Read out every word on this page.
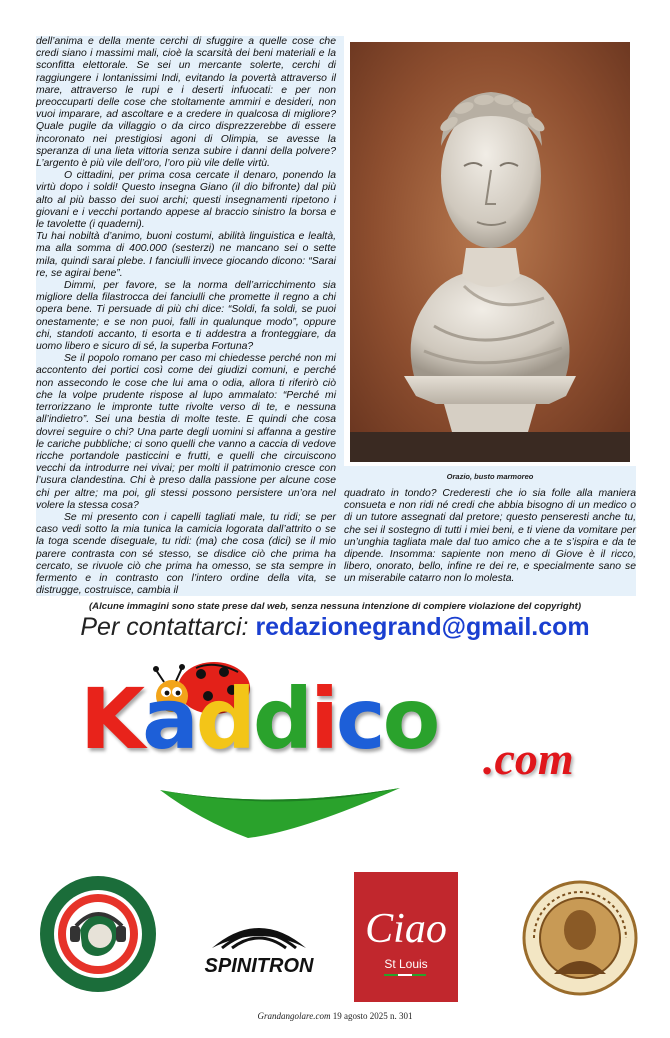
dell’anima e della mente cerchi di sfuggire a quelle cose che credi siano i massimi mali, cioè la scarsità dei beni materiali e la sconfitta elettorale. Se sei un mercante solerte, cerchi di raggiungere i lontanissimi Indi, evitando la povertà attraverso il mare, attraverso le rupi e i deserti infuocati: e per non preoccuparti delle cose che stoltamente ammiri e desideri, non vuoi imparare, ad ascoltare e a credere in qualcosa di migliore? Quale pugile da villaggio o da circo disprezzerebbe di essere incoronato nei prestigiosi agoni di Olimpia, se avesse la speranza di una lieta vittoria senza subire i danni della polvere? L’argento è più vile dell’oro, l’oro più vile delle virtù.

O cittadini, per prima cosa cercate il denaro, ponendo la virtù dopo i soldi! Questo insegna Giano (il dio bifronte) dal più alto al più basso dei suoi archi; questi insegnamenti ripetono i giovani e i vecchi portando appese al braccio sinistro la borsa e le tavolette (i quaderni).

Tu hai nobiltà d’animo, buoni costumi, abilità linguistica e lealtà, ma alla somma di 400.000 (sesterzi) ne mancano sei o sette mila, quindi sarai plebe. I fanciulli invece giocando dicono: “Sarai re, se agirai bene”.

Dimmi, per favore, se la norma dell’arricchimento sia migliore della filastrocca dei fanciulli che promette il regno a chi opera bene. Ti persuade di più chi dice: “Soldi, fa soldi, se puoi onestamente; e se non puoi, falli in qualunque modo”, oppure chi, standoti accanto, ti esorta e ti addestra a fronteggiare, da uomo libero e sicuro di sé, la superba Fortuna?

Se il popolo romano per caso mi chiedesse perché non mi accontento dei portici così come dei giudizi comuni, e perché non assecondo le cose che lui ama o odia, allora ti riferirò ciò che la volpe prudente rispose al lupo ammalato: “Perché mi terrorizzano le impronte tutte rivolte verso di te, e nessuna all’indietro”. Sei una bestia di molte teste. E quindi che cosa dovrei seguire o chi? Una parte degli uomini si affanna a gestire le cariche pubbliche; ci sono quelli che vanno a caccia di vedove ricche portandole pasticcini e frutti, e quelli che circuiscono vecchi da introdurre nei vivai; per molti il patrimonio cresce con l’usura clandestina. Chi è preso dalla passione per alcune cose chi per altre; ma poi, gli stessi possono persistere un’ora nel volere la stessa cosa?

Se mi presento con i capelli tagliati male, tu ridi; se per caso vedi sotto la mia tunica la camicia logorata dall’attrito o se la toga scende diseguale, tu ridi: (ma) che cosa (dici) se il mio parere contrasta con sé stesso, se disdice ciò che prima ha cercato, se rivuole ciò che prima ha omesso, se sta sempre in fermento e in contrasto con l’intero ordine della vita, se distrugge, costruisce, cambia il

Orazio, busto marmoreo

quadrato in tondo? Crederesti che io sia folle alla maniera consueta e non ridi né credi che abbia bisogno di un medico o di un tutore assegnati dal pretore; questo penseresti anche tu, che sei il sostegno di tutti i miei beni, e ti viene da vomitare per un’unghia tagliata male dal tuo amico che a te s’ispira e da te dipende. Insomma: sapiente non meno di Giove è il ricco, libero, onorato, bello, infine re dei re, e specialmente sano se un miserabile catarro non lo molesta.

(Alcune immagini sono state prese dal web, senza nessuna intenzione di compiere violazione del copyright)
Per contattarci: redazionegrand@gmail.com
Kaddico .com
SPINITRON
Ciao
St Louis
Grandangolare.com 19 agosto 2025 n. 301
